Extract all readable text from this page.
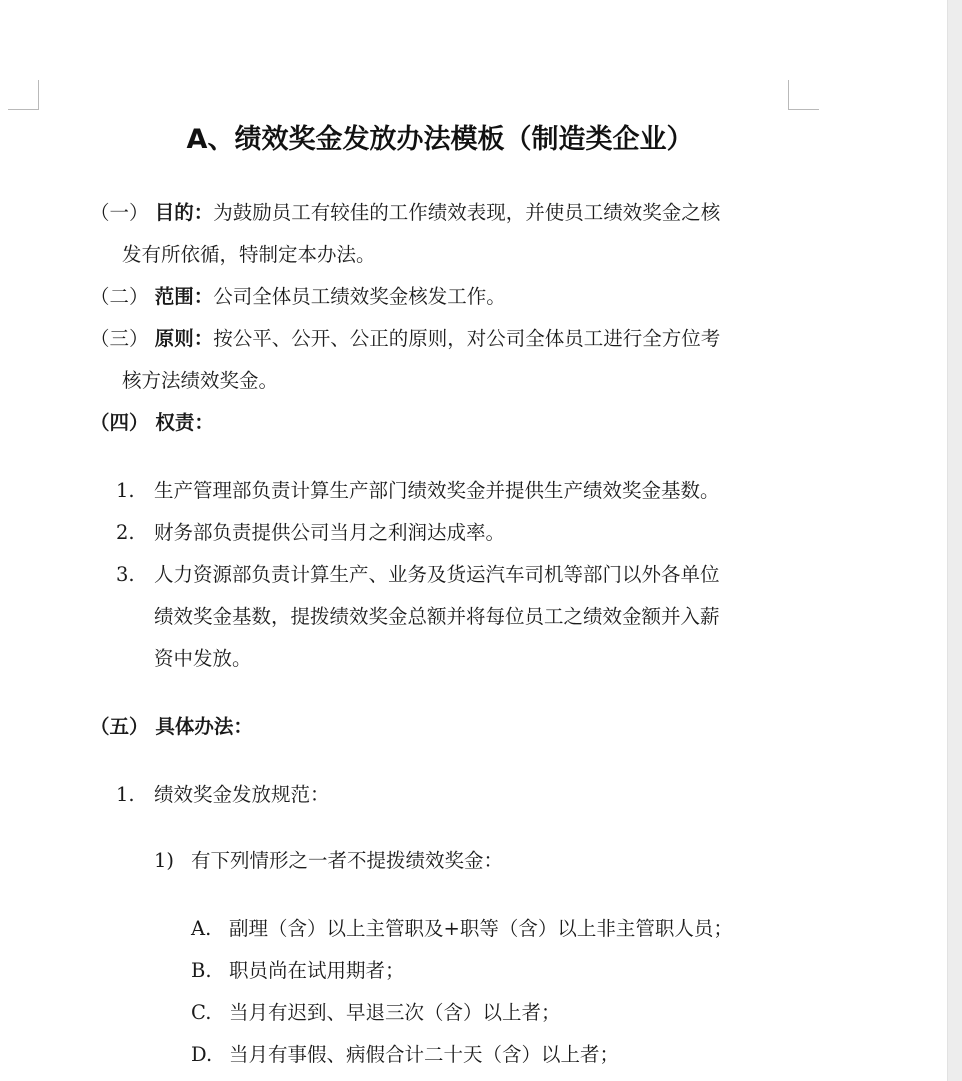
A、绩效奖金发放办法模板（制造类企业）
（一） 目的：为鼓励员工有较佳的工作绩效表现，并使员工绩效奖金之核
发有所依循，特制定本办法。
（二） 范围：公司全体员工绩效奖金核发工作。
（三） 原则：按公平、公开、公正的原则，对公司全体员工进行全方位考
核方法绩效奖金。
（四） 权责：
1. 生产管理部负责计算生产部门绩效奖金并提供生产绩效奖金基数。
2. 财务部负责提供公司当月之利润达成率。
3. 人力资源部负责计算生产、业务及货运汽车司机等部门以外各单位
绩效奖金基数，提拨绩效奖金总额并将每位员工之绩效金额并入薪
资中发放。
（五） 具体办法：
1. 绩效奖金发放规范：
1) 有下列情形之一者不提拨绩效奖金：
A. 副理（含）以上主管职及+职等（含）以上非主管职人员；
B. 职员尚在试用期者；
C. 当月有迟到、早退三次（含）以上者；
D. 当月有事假、病假合计二十天（含）以上者；
